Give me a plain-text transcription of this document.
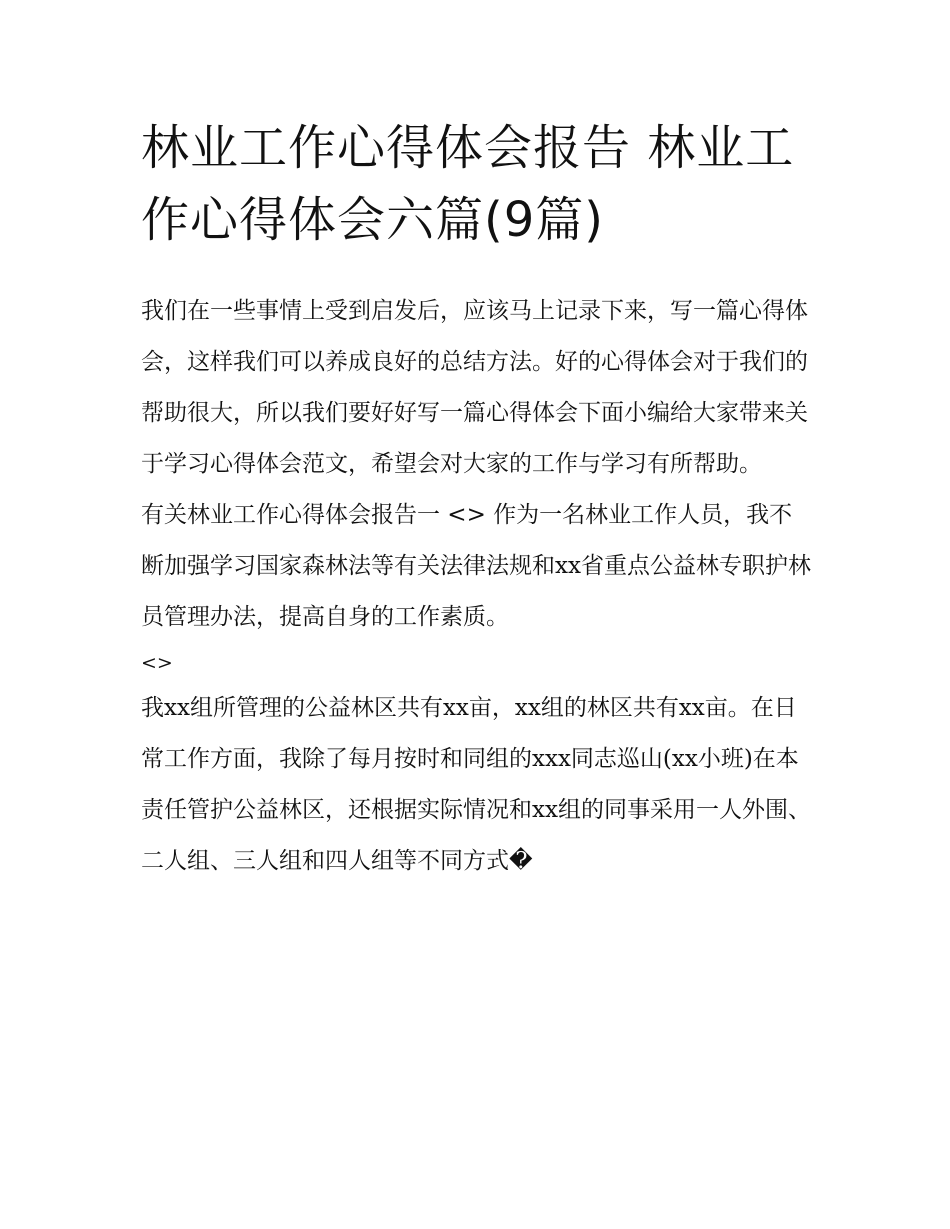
林业工作心得体会报告 林业工作心得体会六篇(9篇)

我们在一些事情上受到启发后，应该马上记录下来，写一篇心得体会，这样我们可以养成良好的总结方法。好的心得体会对于我们的帮助很大，所以我们要好好写一篇心得体会下面小编给大家带来关于学习心得体会范文，希望会对大家的工作与学习有所帮助。

有关林业工作心得体会报告一 <> 作为一名林业工作人员，我不断加强学习国家森林法等有关法律法规和xx省重点公益林专职护林员管理办法，提高自身的工作素质。

<>

我xx组所管理的公益林区共有xx亩，xx组的林区共有xx亩。在日常工作方面，我除了每月按时和同组的xxx同志巡山(xx小班)在本责任管护公益林区，还根据实际情况和xx组的同事采用一人外围、二人组、三人组和四人组等不同方式�
